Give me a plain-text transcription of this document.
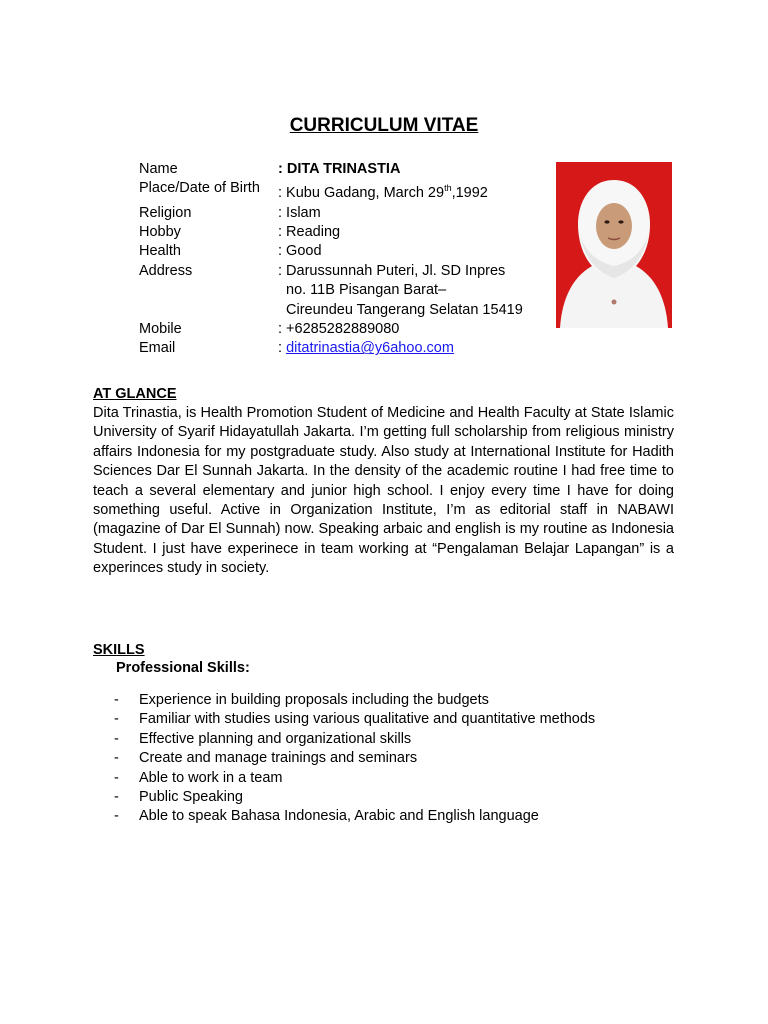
CURRICULUM VITAE
Name	: DITA TRINASTIA
Place/Date of Birth	: Kubu Gadang, March 29th,1992
Religion	: Islam
Hobby	: Reading
Health	: Good
Address	: Darussunnah Puteri, Jl. SD Inpres
no. 11B Pisangan Barat–
Cireundeu Tangerang Selatan 15419
Mobile	: +6285282889080
Email	: ditatrinastia@y6ahoo.com
AT GLANCE
Dita Trinastia, is Health Promotion Student of Medicine and Health Faculty at State Islamic University of Syarif Hidayatullah Jakarta. I’m getting full scholarship from religious ministry affairs Indonesia for my postgraduate study. Also study at International Institute for Hadith Sciences Dar El Sunnah Jakarta. In the density of the academic routine I had free time to teach a several elementary and junior high school. I enjoy every time I have for doing something useful. Active in Organization Institute, I’m as editorial staff in NABAWI (magazine of Dar El Sunnah) now. Speaking arbaic and english is my routine as Indonesia Student. I just have experinece in team working at “Pengalaman Belajar Lapangan” is a experinces study in society.
SKILLS
Professional Skills:
-	Experience in building proposals including the budgets
-	Familiar with studies using various qualitative and quantitative methods
-	Effective planning and organizational skills
-	Create and manage trainings and seminars
-	Able to work in a team
-	Public Speaking
-	Able to speak Bahasa Indonesia, Arabic and English language
